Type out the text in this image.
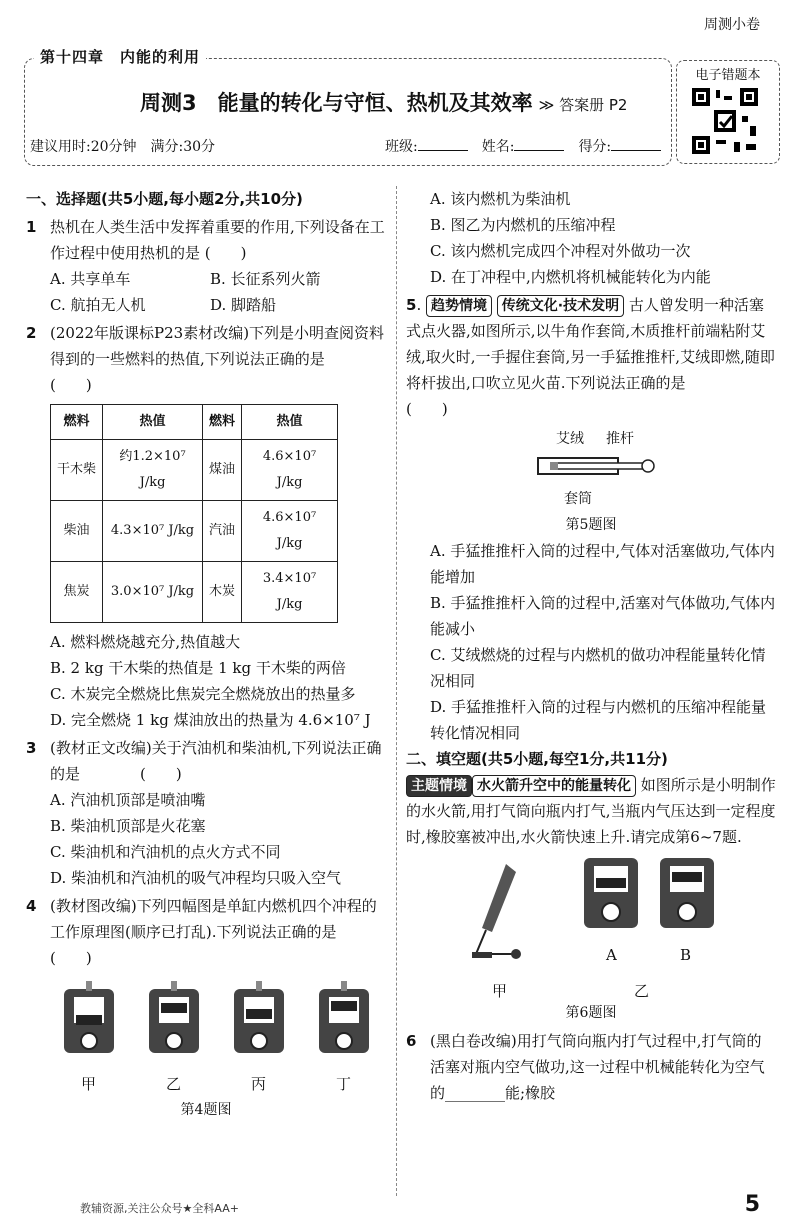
周测小卷
第十四章　内能的利用
周测3　能量的转化与守恒、热机及其效率 ≫ 答案册 P2
建议用时:20分钟　满分:30分	班级:　	姓名:　	得分:
电子错题本
一、选择题(共5小题,每小题2分,共10分)
1 热机在人类生活中发挥着重要的作用,下列设备在工作过程中使用热机的是 (　　)
A. 共享单车	B. 长征系列火箭
C. 航拍无人机	D. 脚踏船
2 (2022年版课标P23素材改编)下列是小明查阅资料得到的一些燃料的热值,下列说法正确的是　　　　(　　)
燃料	热值	燃料	热值
干木柴	约1.2×10⁷ J/kg	煤油	4.6×10⁷ J/kg
柴油	4.3×10⁷ J/kg	汽油	4.6×10⁷ J/kg
焦炭	3.0×10⁷ J/kg	木炭	3.4×10⁷ J/kg
A. 燃料燃烧越充分,热值越大
B. 2 kg 干木柴的热值是 1 kg 干木柴的两倍
C. 木炭完全燃烧比焦炭完全燃烧放出的热量多
D. 完全燃烧 1 kg 煤油放出的热量为 4.6×10⁷ J
3 (教材正文改编)关于汽油机和柴油机,下列说法正确的是　　　　(　　)
A. 汽油机顶部是喷油嘴
B. 柴油机顶部是火花塞
C. 柴油机和汽油机的点火方式不同
D. 柴油机和汽油机的吸气冲程均只吸入空气
4 (教材图改编)下列四幅图是单缸内燃机四个冲程的工作原理图(顺序已打乱).下列说法正确的是　　　　(　　)
甲	乙	丙	丁
第4题图
A. 该内燃机为柴油机
B. 图乙为内燃机的压缩冲程
C. 该内燃机完成四个冲程对外做功一次
D. 在丁冲程中,内燃机将机械能转化为内能
5. 趋势情境 传统文化·技术发明 古人曾发明一种活塞式点火器,如图所示,以牛角作套筒,木质推杆前端粘附艾绒,取火时,一手握住套筒,另一手猛推推杆,艾绒即燃,随即将杆拔出,口吹立见火苗.下列说法正确的是　　　　(　　)
艾绒 推杆
套筒
第5题图
A. 手猛推推杆入筒的过程中,气体对活塞做功,气体内能增加
B. 手猛推推杆入筒的过程中,活塞对气体做功,气体内能减小
C. 艾绒燃烧的过程与内燃机的做功冲程能量转化情况相同
D. 手猛推推杆入筒的过程与内燃机的压缩冲程能量转化情况相同
二、填空题(共5小题,每空1分,共11分)
主题情境 水火箭升空中的能量转化 如图所示是小明制作的水火箭,用打气筒向瓶内打气,当瓶内气压达到一定程度时,橡胶塞被冲出,水火箭快速上升.请完成第6~7题.
甲
A	B
乙
第6题图
6 (黑白卷改编)用打气筒向瓶内打气过程中,打气筒的活塞对瓶内空气做功,这一过程中机械能转化为空气的________能;橡胶
教辅资源,关注公众号★全科AA+	5
